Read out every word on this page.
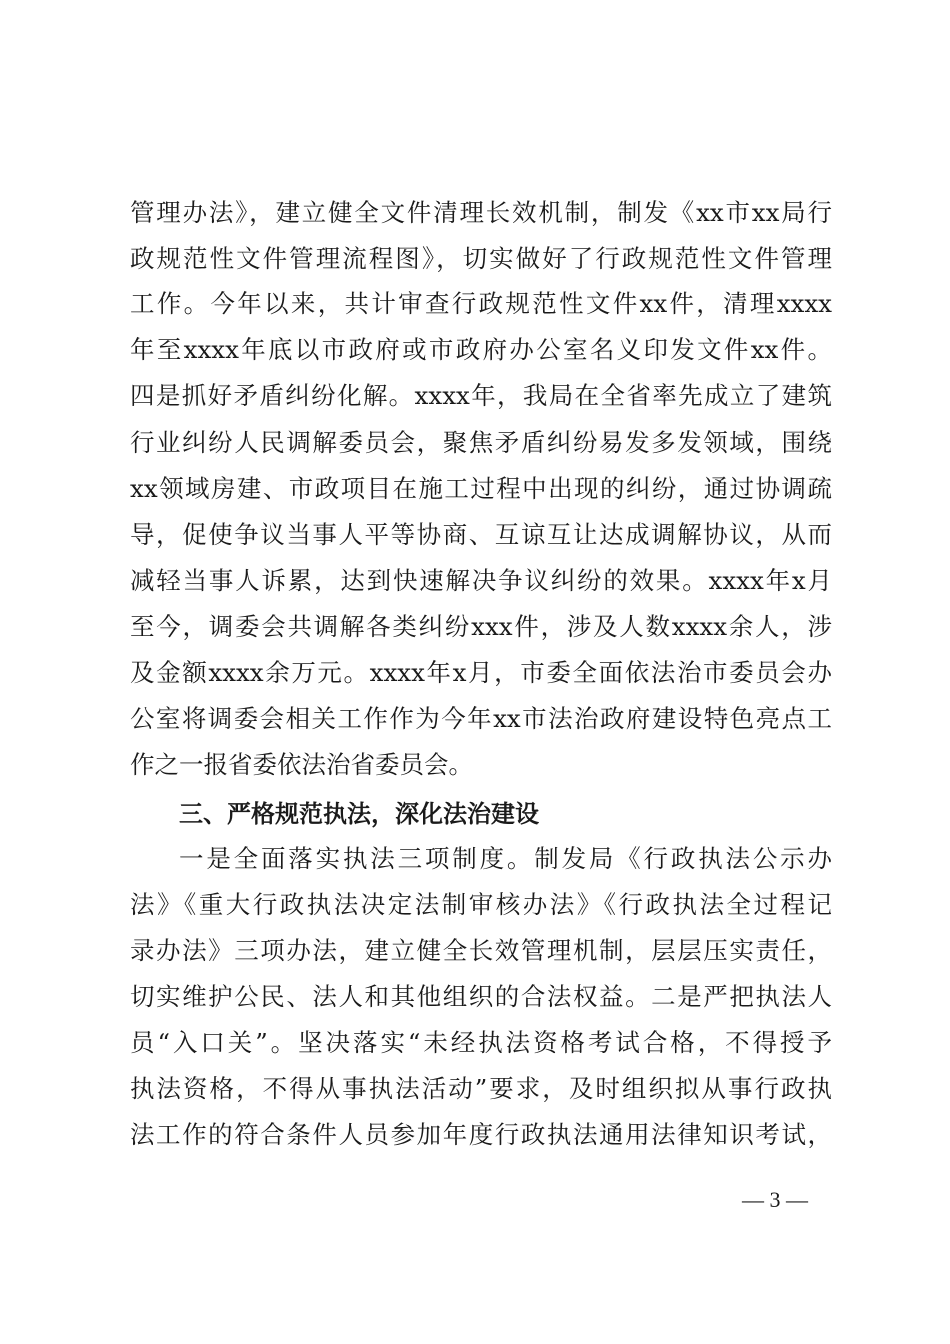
管理办法》，建立健全文件清理长效机制，制发《xx市xx局行
政规范性文件管理流程图》，切实做好了行政规范性文件管理
工作。今年以来，共计审查行政规范性文件xx件，清理xxxx
年至xxxx年底以市政府或市政府办公室名义印发文件xx件。
四是抓好矛盾纠纷化解。xxxx年，我局在全省率先成立了建筑
行业纠纷人民调解委员会，聚焦矛盾纠纷易发多发领域，围绕
xx领域房建、市政项目在施工过程中出现的纠纷，通过协调疏
导，促使争议当事人平等协商、互谅互让达成调解协议，从而
减轻当事人诉累，达到快速解决争议纠纷的效果。xxxx年x月
至今，调委会共调解各类纠纷xxx件，涉及人数xxxx余人，涉
及金额xxxx余万元。xxxx年x月，市委全面依法治市委员会办
公室将调委会相关工作作为今年xx市法治政府建设特色亮点工
作之一报省委依法治省委员会。
三、严格规范执法，深化法治建设
一是全面落实执法三项制度。制发局《行政执法公示办
法》《重大行政执法决定法制审核办法》《行政执法全过程记
录办法》三项办法，建立健全长效管理机制，层层压实责任，
切实维护公民、法人和其他组织的合法权益。二是严把执法人
员“入口关”。坚决落实“未经执法资格考试合格，不得授予
执法资格，不得从事执法活动”要求，及时组织拟从事行政执
法工作的符合条件人员参加年度行政执法通用法律知识考试，
— 3 —
